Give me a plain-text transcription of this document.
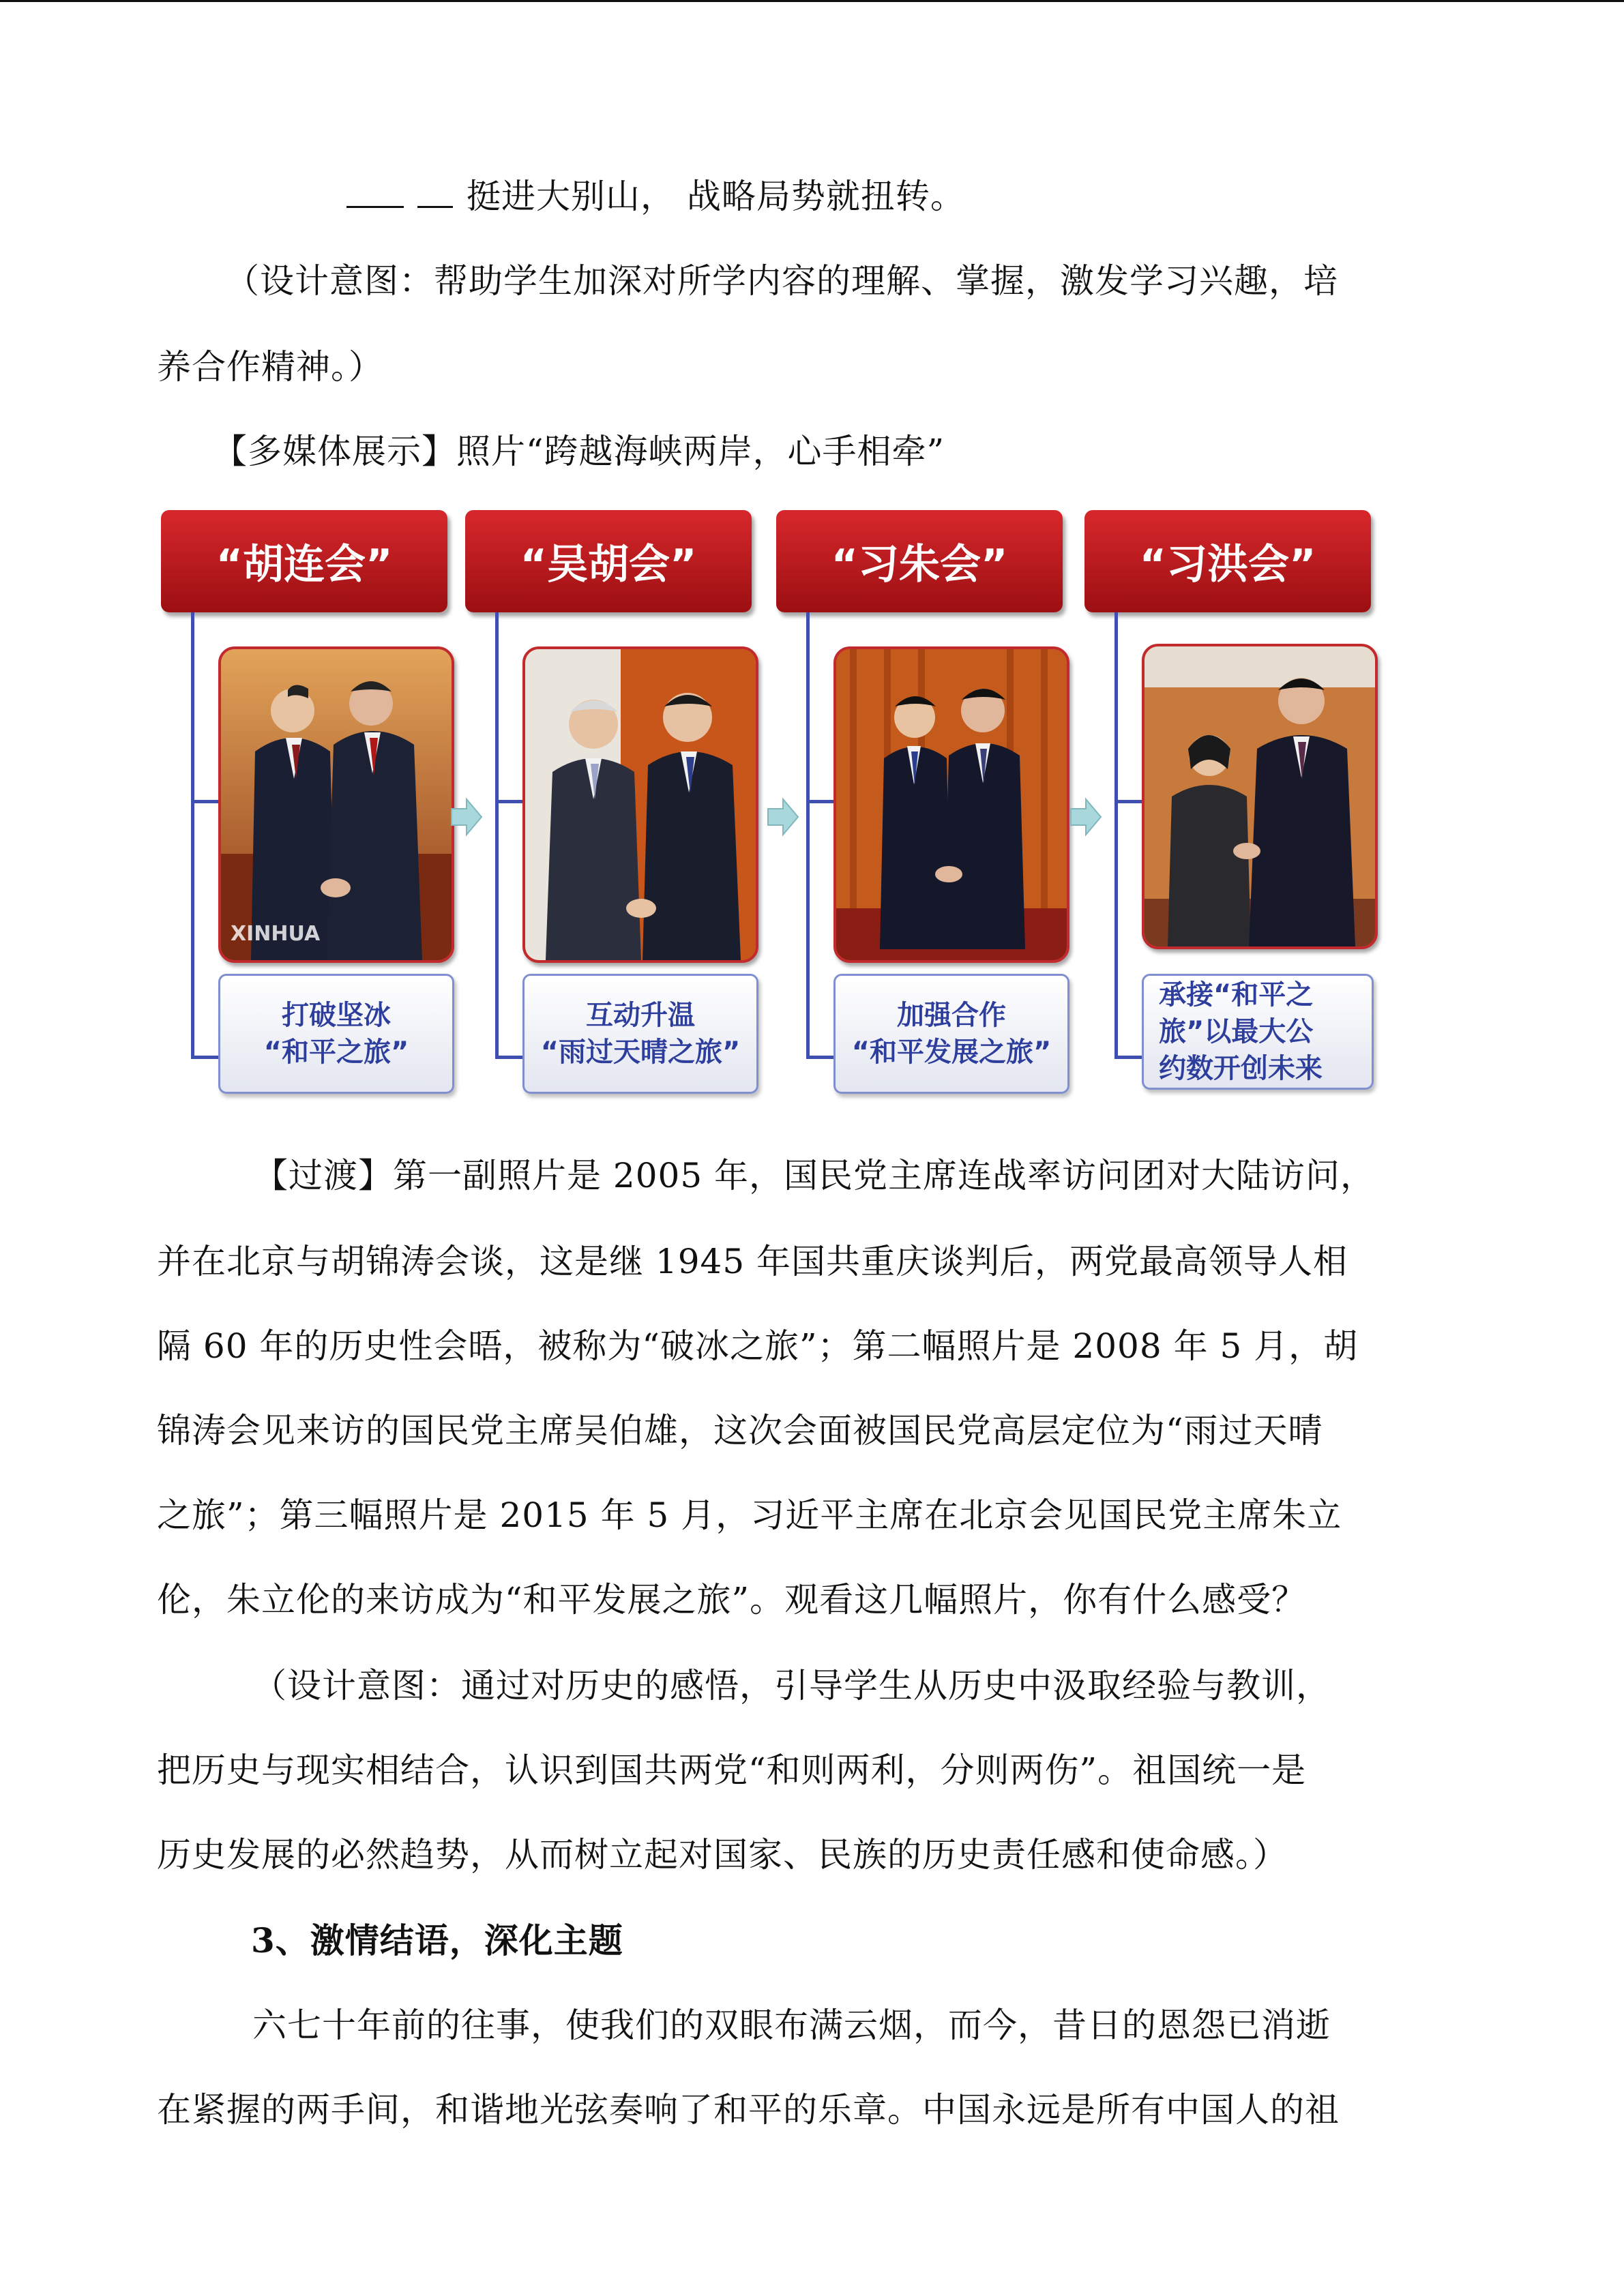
挺进大别山， 战略局势就扭转。
（设计意图：帮助学生加深对所学内容的理解、掌握，激发学习兴趣，培
养合作精神。）
【多媒体展示】照片“跨越海峡两岸，心手相牵”
“胡连会”
XINHUA
打破坚冰
“和平之旅”
“吴胡会”
互动升温
“雨过天晴之旅”
“习朱会”
加强合作
“和平发展之旅”
“习洪会”
承接“和平之
旅”以最大公
约数开创未来
【过渡】第一副照片是 2005 年，国民党主席连战率访问团对大陆访问，
并在北京与胡锦涛会谈，这是继 1945 年国共重庆谈判后，两党最高领导人相
隔 60 年的历史性会晤，被称为“破冰之旅”；第二幅照片是 2008 年 5 月，胡
锦涛会见来访的国民党主席吴伯雄，这次会面被国民党高层定位为“雨过天晴
之旅”；第三幅照片是 2015 年 5 月，习近平主席在北京会见国民党主席朱立
伦，朱立伦的来访成为“和平发展之旅”。观看这几幅照片，你有什么感受？
（设计意图：通过对历史的感悟，引导学生从历史中汲取经验与教训，
把历史与现实相结合，认识到国共两党“和则两利，分则两伤”。祖国统一是
历史发展的必然趋势，从而树立起对国家、民族的历史责任感和使命感。）
3、激情结语，深化主题
六七十年前的往事，使我们的双眼布满云烟，而今，昔日的恩怨已消逝
在紧握的两手间，和谐地光弦奏响了和平的乐章。中国永远是所有中国人的祖
